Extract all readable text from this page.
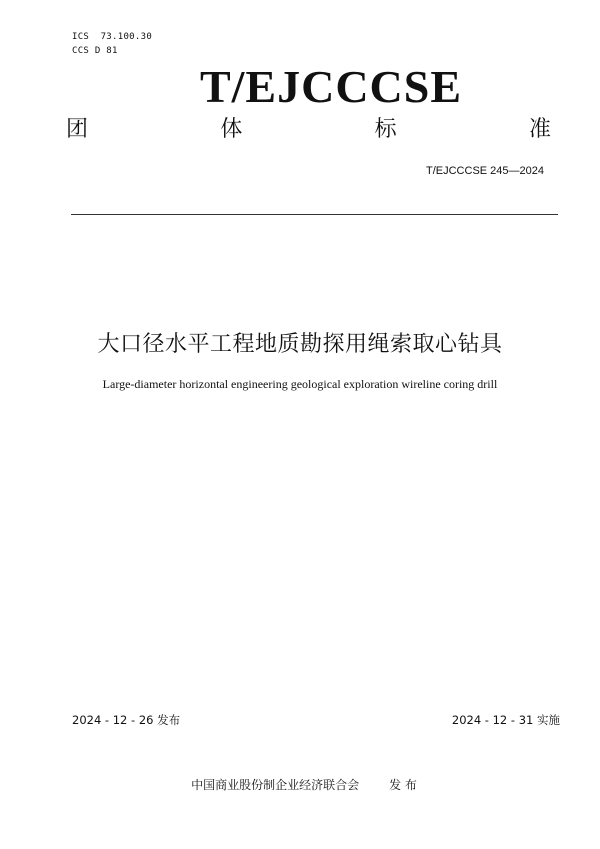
ICS  73.100.30
CCS D 81
T/EJCCCSE
团	体	标	准
T/EJCCCSE 245—2024
大口径水平工程地质勘探用绳索取心钻具
Large-diameter horizontal engineering geological exploration wireline coring drill
2024 - 12 - 26 发布	2024 - 12 - 31 实施
中国商业股份制企业经济联合会	发 布
